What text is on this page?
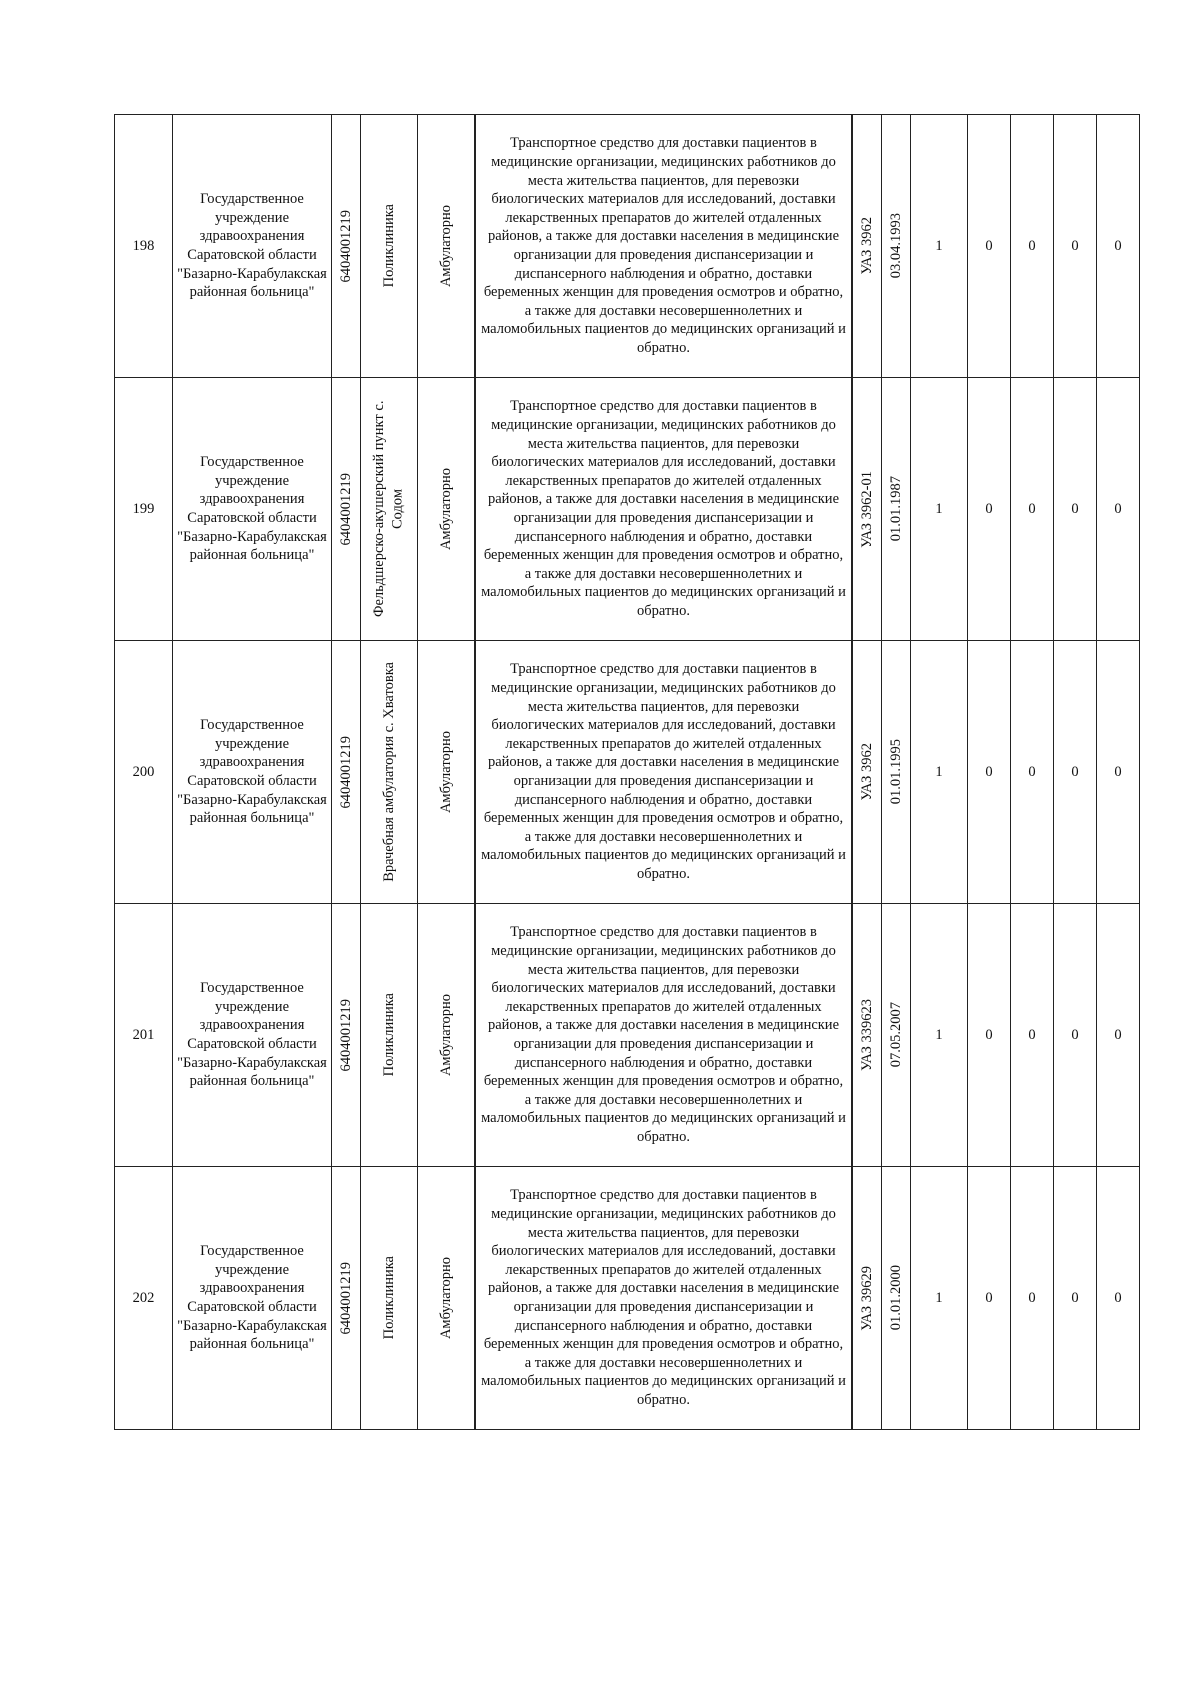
198	Государственное учреждение здравоохранения Саратовской области "Базарно-Карабулакская районная больница"	6404001219	Поликлиника	Амбулаторно	Транспортное средство для доставки пациентов в медицинские организации, медицинских работников до места жительства пациентов, для перевозки биологических материалов для исследований, доставки лекарственных препаратов до жителей отдаленных районов, а также для доставки населения в медицинские организации для проведения диспансеризации и диспансерного наблюдения и обратно, доставки беременных женщин для проведения осмотров и обратно, а также для доставки несовершеннолетних и маломобильных пациентов до медицинских организаций и обратно.	УАЗ 3962	03.04.1993	1	0	0	0	0
199	Государственное учреждение здравоохранения Саратовской области "Базарно-Карабулакская районная больница"	6404001219	Фельдшерско-акушерский пункт с. Содом	Амбулаторно	Транспортное средство для доставки пациентов в медицинские организации, медицинских работников до места жительства пациентов, для перевозки биологических материалов для исследований, доставки лекарственных препаратов до жителей отдаленных районов, а также для доставки населения в медицинские организации для проведения диспансеризации и диспансерного наблюдения и обратно, доставки беременных женщин для проведения осмотров и обратно, а также для доставки несовершеннолетних и маломобильных пациентов до медицинских организаций и обратно.	УАЗ 3962-01	01.01.1987	1	0	0	0	0
200	Государственное учреждение здравоохранения Саратовской области "Базарно-Карабулакская районная больница"	6404001219	Врачебная амбулатория с. Хватовка	Амбулаторно	Транспортное средство для доставки пациентов в медицинские организации, медицинских работников до места жительства пациентов, для перевозки биологических материалов для исследований, доставки лекарственных препаратов до жителей отдаленных районов, а также для доставки населения в медицинские организации для проведения диспансеризации и диспансерного наблюдения и обратно, доставки беременных женщин для проведения осмотров и обратно, а также для доставки несовершеннолетних и маломобильных пациентов до медицинских организаций и обратно.	УАЗ 3962	01.01.1995	1	0	0	0	0
201	Государственное учреждение здравоохранения Саратовской области "Базарно-Карабулакская районная больница"	6404001219	Поликлиника	Амбулаторно	Транспортное средство для доставки пациентов в медицинские организации, медицинских работников до места жительства пациентов, для перевозки биологических материалов для исследований, доставки лекарственных препаратов до жителей отдаленных районов, а также для доставки населения в медицинские организации для проведения диспансеризации и диспансерного наблюдения и обратно, доставки беременных женщин для проведения осмотров и обратно, а также для доставки несовершеннолетних и маломобильных пациентов до медицинских организаций и обратно.	УАЗ 339623	07.05.2007	1	0	0	0	0
202	Государственное учреждение здравоохранения Саратовской области "Базарно-Карабулакская районная больница"	6404001219	Поликлиника	Амбулаторно	Транспортное средство для доставки пациентов в медицинские организации, медицинских работников до места жительства пациентов, для перевозки биологических материалов для исследований, доставки лекарственных препаратов до жителей отдаленных районов, а также для доставки населения в медицинские организации для проведения диспансеризации и диспансерного наблюдения и обратно, доставки беременных женщин для проведения осмотров и обратно, а также для доставки несовершеннолетних и маломобильных пациентов до медицинских организаций и обратно.	УАЗ 39629	01.01.2000	1	0	0	0	0
